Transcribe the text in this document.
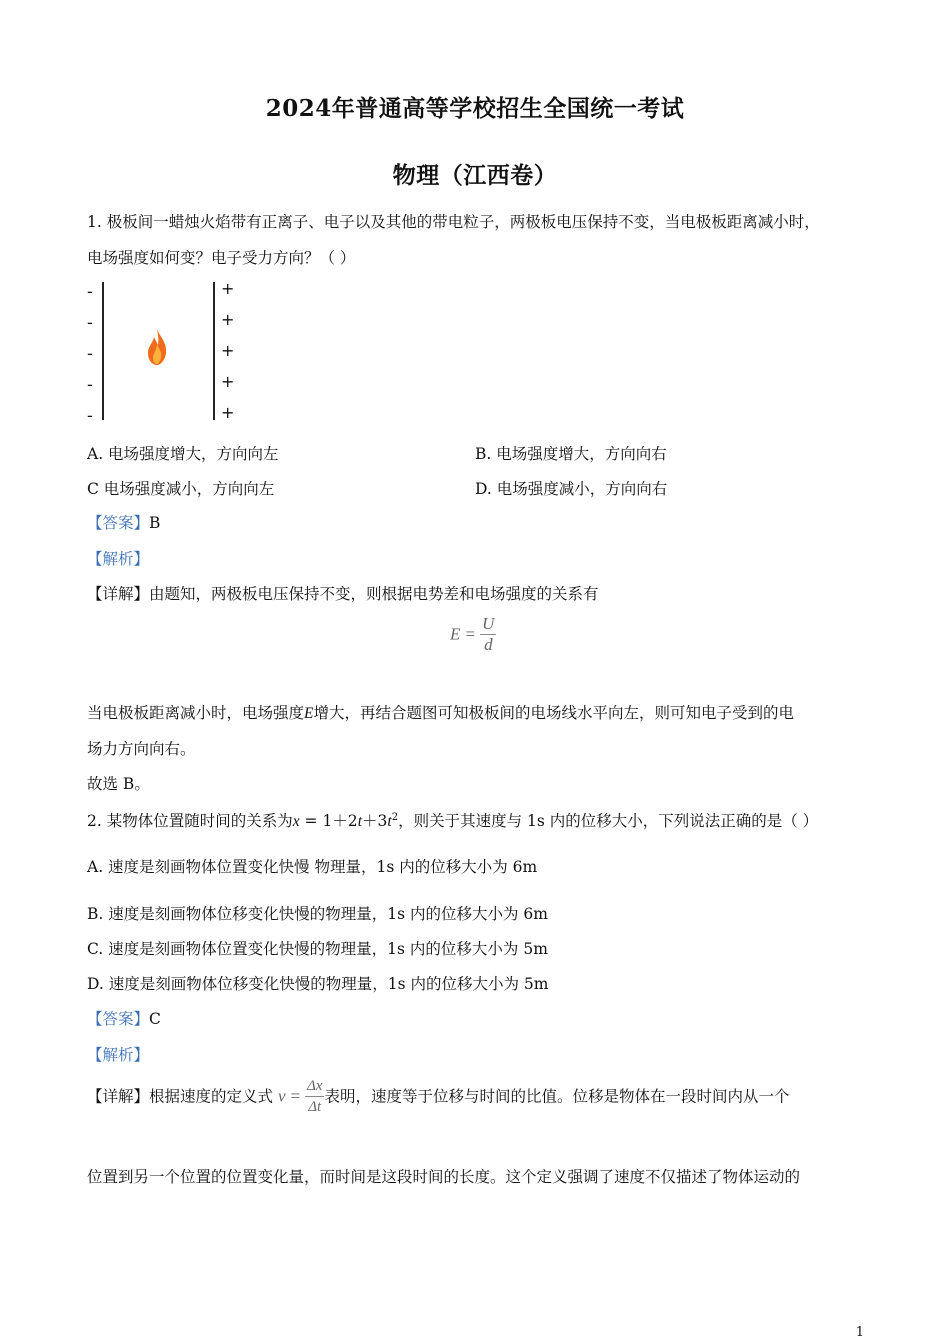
2024年普通高等学校招生全国统一考试
物理（江西卷）
1. 极板间一蜡烛火焰带有正离子、电子以及其他的带电粒子，两极板电压保持不变，当电极板距离减小时，
电场强度如何变？电子受力方向？（ ）
-
-
-
-
-
+
+
+
+
+
A. 电场强度增大，方向向左	B. 电场强度增大，方向向右
C 电场强度减小，方向向左	D. 电场强度减小，方向向右
【答案】B
【解析】
【详解】由题知，两极板电压保持不变，则根据电势差和电场强度的关系有
$E = \frac{U}{d}$
当电极板距离减小时，电场强度E增大，再结合题图可知极板间的电场线水平向左，则可知电子受到的电
场力方向向右。
故选 B。
2. 某物体位置随时间的关系为$x = 1+2t+3t^2$，则关于其速度与 1s 内的位移大小，下列说法正确的是（ ）
A. 速度是刻画物体位置变化快慢 物理量，1s 内的位移大小为 6m
B. 速度是刻画物体位移变化快慢的物理量，1s 内的位移大小为 6m
C. 速度是刻画物体位置变化快慢的物理量，1s 内的位移大小为 5m
D. 速度是刻画物体位移变化快慢的物理量，1s 内的位移大小为 5m
【答案】C
【解析】
【详解】根据速度的定义式 $v = \frac{\Delta x}{\Delta t}$ 表明，速度等于位移与时间的比值。位移是物体在一段时间内从一个
位置到另一个位置的位置变化量，而时间是这段时间的长度。这个定义强调了速度不仅描述了物体运动的
1
